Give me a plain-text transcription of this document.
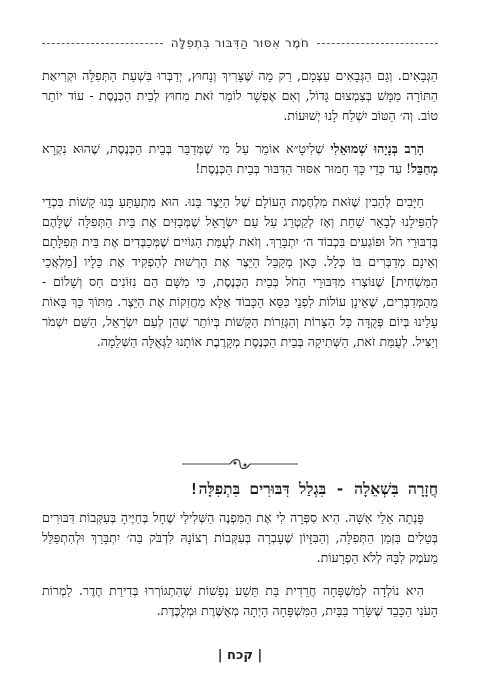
חֹמֶר אִסּוּר הַדִּבּוּר בִּתְפִלָּה

הַגְּבָאִים. וְגַם הַגְּבָאִים עַצְמָם, רַק מָה שֶּׁצָּרִיךְ וְנָחוּץ, יְדַבְּרוּ בִּשְׁעַת הַתְּפִלָּה וּקְרִיאַת הַתּוֹרָה מַמָּשׁ בְּצִמְצוּם גָּדוֹל, וְאִם אֶפְשָׁר לוֹמַר זֹאת מִחוּץ לְבֵית הַכְּנֶסֶת - עוֹד יוֹתֵר טוֹב. וְה׳ הַטּוֹב יִשְׁלַח לָנוּ יְשׁוּעוֹת.

הָרַב בְּנָיָהוּ שְׁמוּאֵלִי שְׁלִיטָ״א אוֹמֵר עַל מִי שֶׁמְּדַבֵּר בְּבֵית הַכְּנֶסֶת, שֶׁהוּא נִקְרָא מְחַבֵּל! עַד כְּדֵי כָּךְ חָמוּר אִסּוּר הַדִּבּוּר בְּבֵית הַכְּנֶסֶת!

חַיָּבִים לְהָבִין שֶׁזֹּאת מִלְחֶמֶת הָעוֹלָם שֶׁל הַיֵּצֶר בָּנוּ. הוּא מִתְעַתֵּעַ בָּנוּ קָשׁוֹת בִּכְדֵי לְהַפִּילֵנוּ לְבָאֵר שַׁחַת וְאָז לְקַטְרֵג עַל עַם יִשְׂרָאֵל שֶׁמְּבַזִּים אֶת בֵּית הַתְּפִלָּה שֶׁלָּהֶם בְּדִבּוּרֵי חֹל וּפוֹגְעִים בִּכְבוֹד ה׳ יִתְבָּרַךְ. וְזֹאת לְעֻמַּת הַגּוֹיִים שֶׁמְּכַבְּדִים אֶת בֵּית תְּפִלָּתָם וְאֵינָם מְדַבְּרִים בּוֹ כְּלָל. כָּאן מְקַבֵּל הַיֵּצֶר אֶת הָרְשׁוּת לְהַפְקִיד אֶת כֵּלָיו [מַלְאֲכֵי הַמַּשְׁחִית] שֶׁנּוֹצְרוּ מִדִּבּוּרֵי הַחֹל בְּבֵית הַכְּנֶסֶת, כִּי מִשָּׁם הֵם נִזּוֹנִים חַס וְשָׁלוֹם - מֵהַמְּדַבְּרִים, שֶׁאֵינָן עוֹלוֹת לִפְנֵי כִּסֵּא הַכָּבוֹד אֶלָּא מַחֲזִקוֹת אֶת הַיֵּצֶר. מִתּוֹךְ כָּךְ בָּאוֹת עָלֵינוּ בְּיוֹם פְּקֻדָּה כָּל הַצָּרוֹת וְהַגְּזֵרוֹת הַקָּשׁוֹת בְּיוֹתֵר שֶׁהֵן לְעַם יִשְׂרָאֵל, הַשֵּׁם יִשְׁמֹר וְיַצִּיל. לְעֻמַּת זֹאת, הַשְּׁתִיקָה בְּבֵית הַכְּנֶסֶת מְקָרֶבֶת אוֹתָנוּ לַגְּאֻלָּה הַשְּׁלֵמָה.

חֲזָרָה בִּשְׁאֵלָה - בִּגְלַל דִּבּוּרִים בִּתְפִלָּה!

פָּנְתָה אֵלַי אִשָּׁה. הִיא סִפְּרָה לִי אֶת הַמִּפְנֶה הַשְּׁלִילִי שֶׁחָל בְּחַיֶּיהָ בְּעִקְּבוֹת דִּבּוּרִים בְּטֵלִים בִּזְמַן הַתְּפִלָּה, וְהַבִּזָּיוֹן שֶׁעָבְרָה בְּעִקְּבוֹת רְצוֹנָהּ לִדְבֹּק בַּה׳ יִתְבָּרַךְ וּלְהִתְפַּלֵּל מֵעֹמֶק לִבָּהּ לְלֹא הַפְרָעוֹת.

הִיא נוֹלְדָה לְמִשְׁפָּחָה חֲרֵדִית בַּת תֵּשַׁע נְפָשׁוֹת שֶׁהִתְגּוֹרְרוּ בְּדִירַת חֶדֶר. לַמְרוֹת הָעֹנִי הַכָּבֵד שֶׁשָּׂרַר בַּבַּיִת, הַמִּשְׁפָּחָה הָיְתָה מְאֻשֶּׁרֶת וּמְלֻכֶּדֶת.

| קכח |
